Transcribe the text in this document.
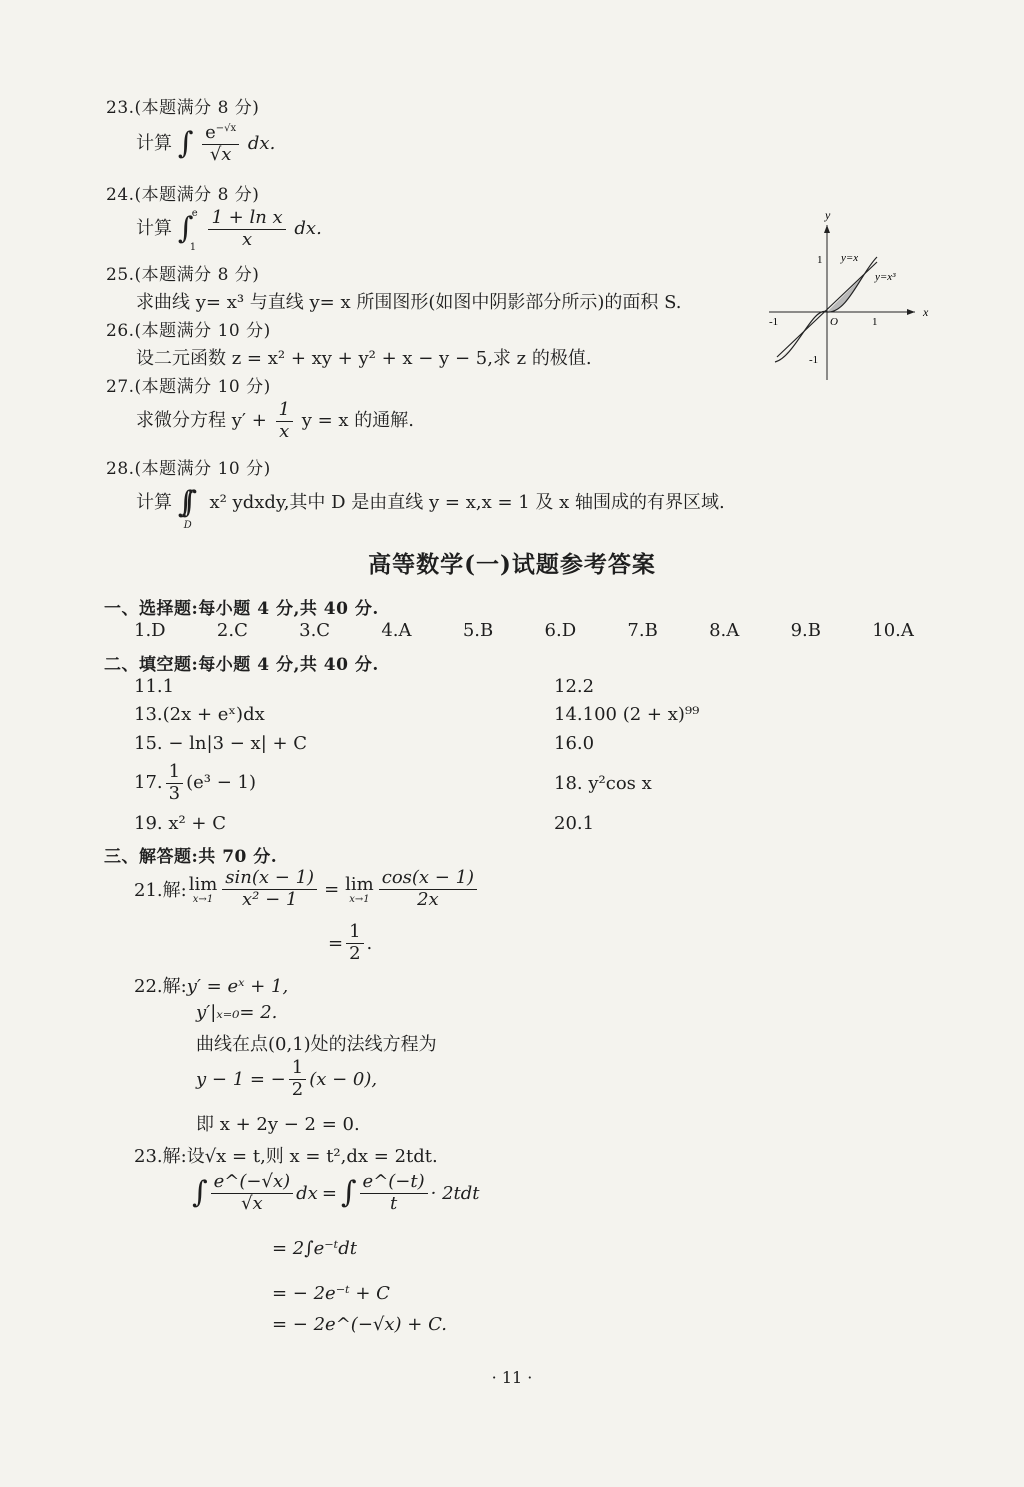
23.(本题满分 8 分)
计算 ∫ $\frac{e^{-√x}}{√x}$ dx.
24.(本题满分 8 分)
计算 ∫
e
1
$\frac{\text{1 + ln x}}{x}$ dx.
25.(本题满分 8 分)
求曲线 y= x³ 与直线 y= x 所围图形(如图中阴影部分所示)的面积 S.
26.(本题满分 10 分)
设二元函数 z = x² + xy + y² + x − y − 5,求 z 的极值.
27.(本题满分 10 分)
求微分方程 $y' + \frac{1}{x}$ y = x 的通解.
28.(本题满分 10 分)
计算 ∫∫
D
x² ydxdy,其中 D 是由直线 y = x,x = 1 及 x 轴围成的有界区域.
y
x
O	1
-1
1
-1
y=x
y=x³
高等数学(一)试题参考答案
一、选择题:每小题 4 分,共 40 分.
1.D	2.C	3.C	4.A	5.B	6.D	7.B	8.A	9.B	10.A
二、填空题:每小题 4 分,共 40 分.
11.1	12.2
13.(2x + eˣ)dx	14.100 (2 + x)⁹⁹
15. − ln|3 − x| + C	16.0
17. $\frac{1}{3} (e^3 - 1)$	18. y²cos x
19. x² + C	20.1
三、解答题:共 70 分.
21.解: lim
$x\to 1 \frac{\sin(x - 1)}{\text{x² − 1}} = \lim$
$x\to 1 \frac{\cos(x - 1)}{2x}$
= $\frac{1}{2}$ .
22.解:y′ = eˣ + 1,
y′|ₓ₌₀= 2.
曲线在点(0,1)处的法线方程为
y − 1 = − $\frac{1}{2} (x - 0)$,
即 x + 2y − 2 = 0.
23.解:设√x = t,则 x = t²,dx = 2tdt.
∫ $\frac{e\^{}(-√x)}{√x}$ dx = ∫ $\frac{e\^{}(-t)}{t} \cdot 2tdt$
= 2∫e⁻ᵗdt
= − 2e⁻ᵗ + C
= − 2e^(−√x) + C.
· 11 ·
